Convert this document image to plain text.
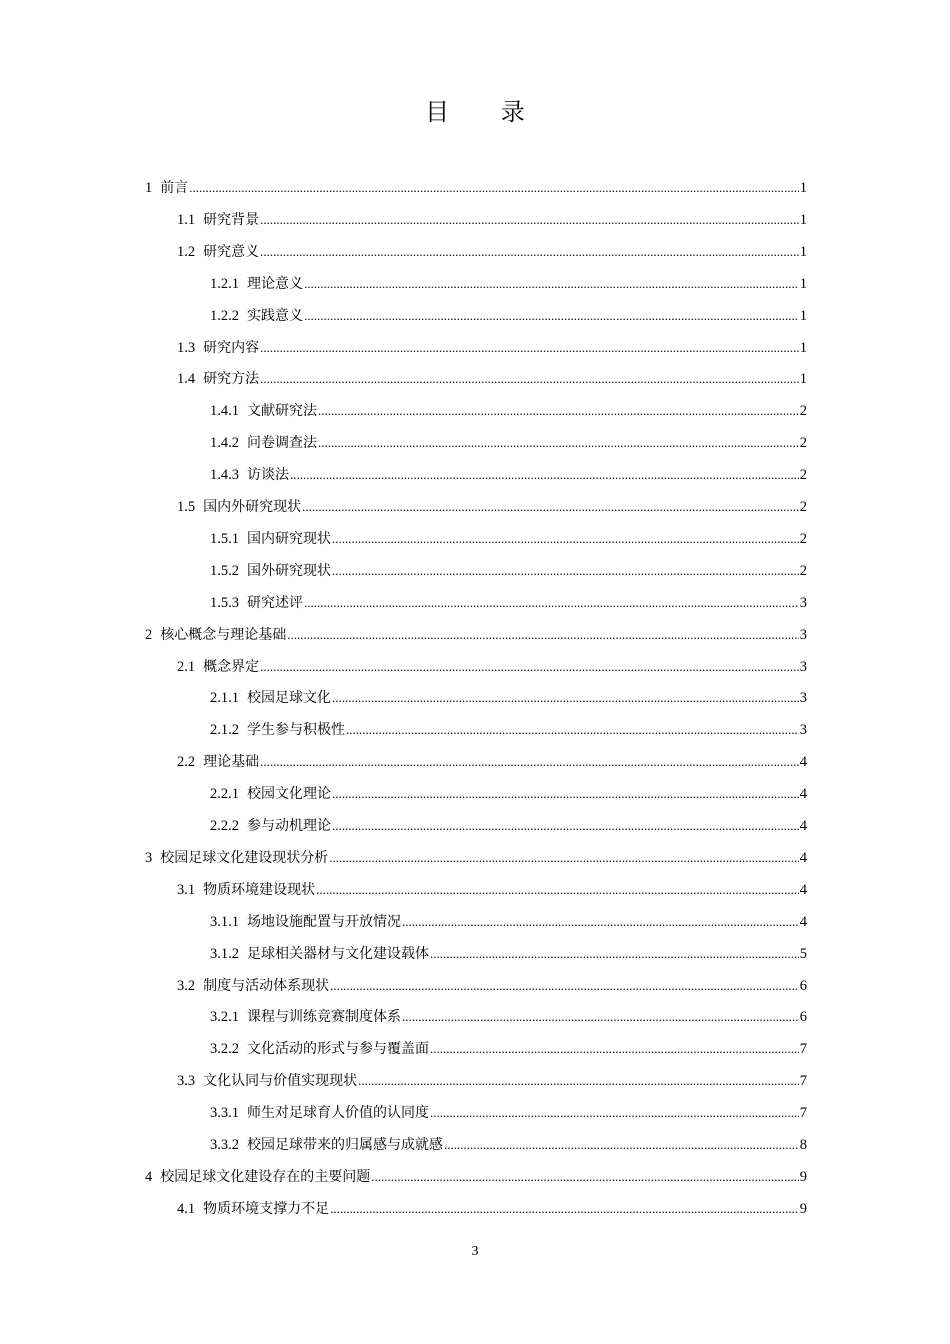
目 录
1 前言 .....	1
1.1 研究背景 .....	1
1.2 研究意义 .....	1
1.2.1 理论意义 .....	1
1.2.2 实践意义 .....	1
1.3 研究内容 .....	1
1.4 研究方法 .....	1
1.4.1 文献研究法 .....	2
1.4.2 问卷调查法 .....	2
1.4.3 访谈法 .....	2
1.5 国内外研究现状 .....	2
1.5.1 国内研究现状 .....	2
1.5.2 国外研究现状 .....	2
1.5.3 研究述评 .....	3
2 核心概念与理论基础 .....	3
2.1 概念界定 .....	3
2.1.1 校园足球文化 .....	3
2.1.2 学生参与积极性 .....	3
2.2 理论基础 .....	4
2.2.1 校园文化理论 .....	4
2.2.2 参与动机理论 .....	4
3 校园足球文化建设现状分析 .....	4
3.1 物质环境建设现状 .....	4
3.1.1 场地设施配置与开放情况 .....	4
3.1.2 足球相关器材与文化建设载体 .....	5
3.2 制度与活动体系现状 .....	6
3.2.1 课程与训练竞赛制度体系 .....	6
3.2.2 文化活动的形式与参与覆盖面 .....	7
3.3 文化认同与价值实现现状 .....	7
3.3.1 师生对足球育人价值的认同度 .....	7
3.3.2 校园足球带来的归属感与成就感 .....	8
4 校园足球文化建设存在的主要问题 .....	9
4.1 物质环境支撑力不足 .....	9
3
